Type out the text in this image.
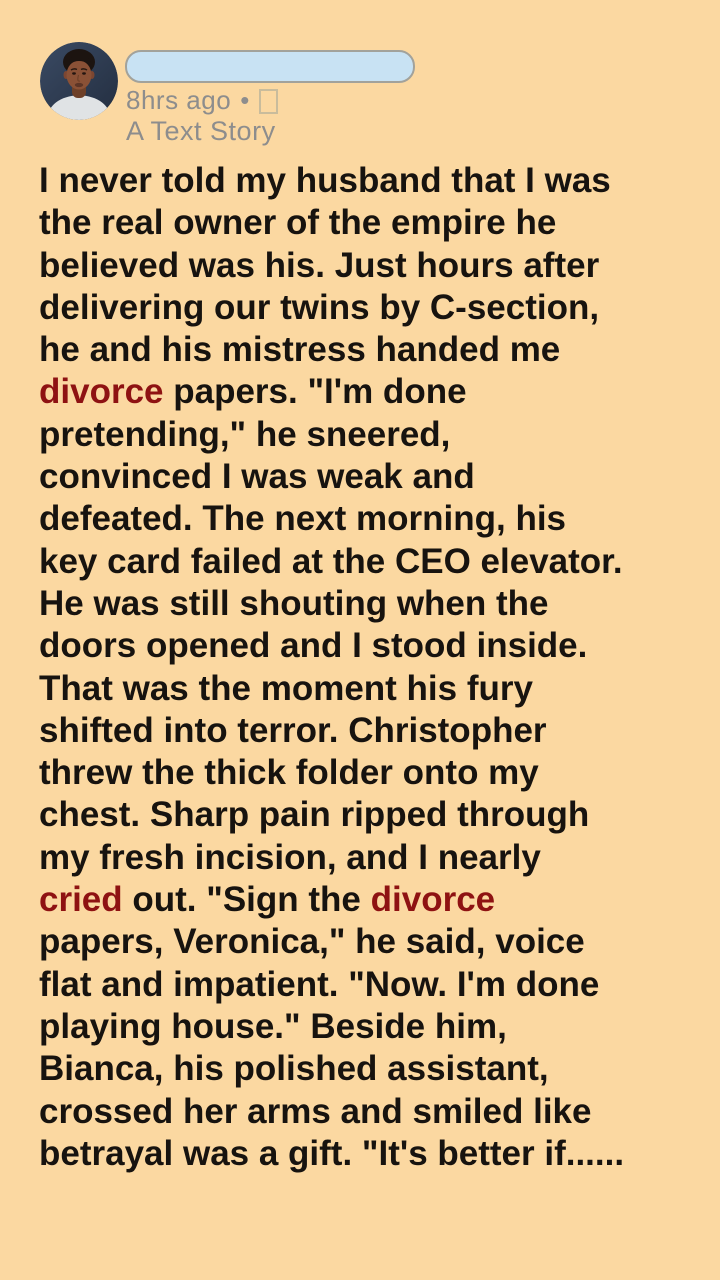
8hrs ago •
A Text Story
I never told my husband that I was
the real owner of the empire he
believed was his. Just hours after
delivering our twins by C-section,
he and his mistress handed me
divorce papers. "I'm done
pretending," he sneered,
convinced I was weak and
defeated. The next morning, his
key card failed at the CEO elevator.
He was still shouting when the
doors opened and I stood inside.
That was the moment his fury
shifted into terror. Christopher
threw the thick folder onto my
chest. Sharp pain ripped through
my fresh incision, and I nearly
cried out. "Sign the divorce
papers, Veronica," he said, voice
flat and impatient. "Now. I'm done
playing house." Beside him,
Bianca, his polished assistant,
crossed her arms and smiled like
betrayal was a gift. "It's better if......
